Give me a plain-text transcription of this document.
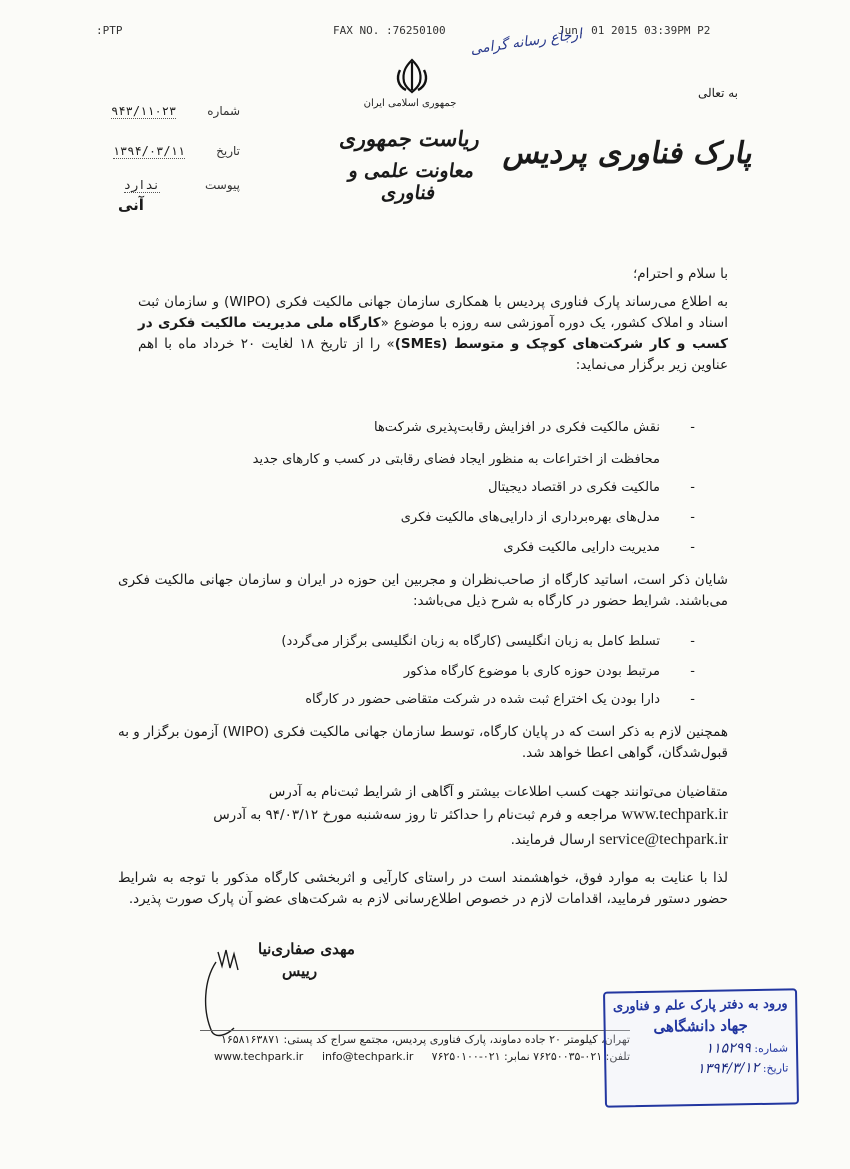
:PTP	FAX NO. :76250100	Jun. 01 2015 03:39PM P2
ارجاع رسانه گرامی
به تعالی
جمهوری اسلامی ایران
ریاست جمهوری
معاونت علمی و فناوری
پارک فناوری پردیس
شماره ۹۴۳/۱۱۰۲۳
تاریخ ۱۳۹۴/۰۳/۱۱
پیوست ندارد
آنی
با سلام و احترام؛
به اطلاع می‌رساند پارک فناوری پردیس با همکاری سازمان جهانی مالکیت فکری (WIPO) و سازمان ثبت اسناد و املاک کشور، یک دوره آموزشی سه روزه با موضوع «کارگاه ملی مدیریت مالکیت فکری در کسب و کار شرکت‌های کوچک و متوسط (SMEs)» را از تاریخ ۱۸ لغایت ۲۰ خرداد ماه با اهم عناوین زیر برگزار می‌نماید:
-
نقش مالکیت فکری در افزایش رقابت‌پذیری شرکت‌ها
محافظت از اختراعات به منظور ایجاد فضای رقابتی در کسب و کارهای جدید
-
مالکیت فکری در اقتصاد دیجیتال
-
مدل‌های بهره‌برداری از دارایی‌های مالکیت فکری
-
مدیریت دارایی مالکیت فکری
شایان ذکر است، اساتید کارگاه از صاحب‌نظران و مجربین این حوزه در ایران و سازمان جهانی مالکیت فکری می‌باشند. شرایط حضور در کارگاه به شرح ذیل می‌باشد:
-
تسلط کامل به زبان انگلیسی (کارگاه به زبان انگلیسی برگزار می‌گردد)
-
مرتبط بودن حوزه کاری با موضوع کارگاه مذکور
-
دارا بودن یک اختراع ثبت شده در شرکت متقاضی حضور در کارگاه
همچنین لازم به ذکر است که در پایان کارگاه، توسط سازمان جهانی مالکیت فکری (WIPO) آزمون برگزار و به قبول‌شدگان، گواهی اعطا خواهد شد.
متقاضیان می‌توانند جهت کسب اطلاعات بیشتر و آگاهی از شرایط ثبت‌نام به آدرس
www.techpark.ir مراجعه و فرم ثبت‌نام را حداکثر تا روز سه‌شنبه مورخ ۹۴/۰۳/۱۲ به آدرس
service@techpark.ir ارسال فرمایند.
لذا با عنایت به موارد فوق، خواهشمند است در راستای کارآیی و اثربخشی کارگاه مذکور با توجه به شرایط حضور دستور فرمایید، اقدامات لازم در خصوص اطلاع‌رسانی لازم به شرکت‌های عضو آن پارک صورت پذیرد.
مهدی صفاری‌نیا
رییس
تهران، کیلومتر ۲۰ جاده دماوند، پارک فناوری پردیس، مجتمع سراج کد پستی: ۱۶۵۸۱۶۳۸۷۱
تلفن: ۰۲۱-۷۶۲۵۰۰۳۵ نمابر: ۰۲۱-۷۶۲۵۰۱۰۰
info@techpark.ir
www.techpark.ir
ورود به دفتر پارک علم و فناوری
جهاد دانشگاهی
شماره: ۱۱۵۲۹۹
تاریخ: ۱۳۹۴/۳/۱۲
